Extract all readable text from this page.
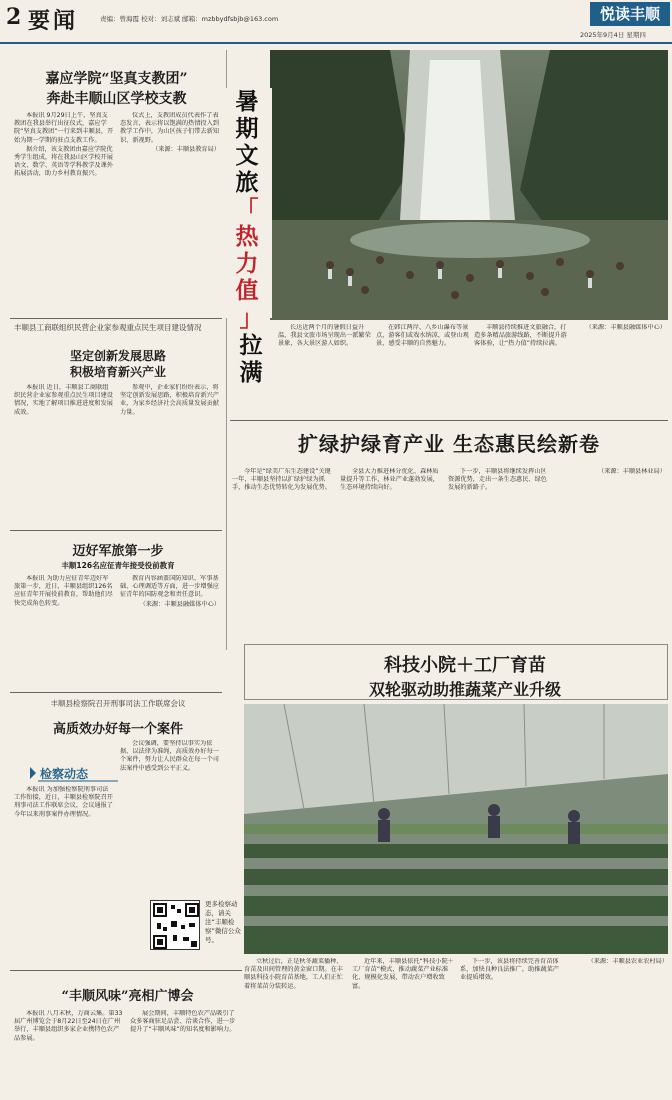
2 要闻	责编：曾海霞 校对：刘志斌 邮箱：mzbbydfsbjb@163.com	悦读丰顺
2025年9月4日 星期四
嘉应学院“坚真支教团”
奔赴丰顺山区学校支教

本报讯 9月29日上午，坚真支教团在我县举行出征仪式，嘉应学院“坚真支教团”一行来到丰顺县，开始为期一学期的驻点支教工作。

据介绍，该支教团由嘉应学院优秀学生组成，将在我县山区学校开展语文、数学、英语等学科教学及课外拓展活动，助力乡村教育振兴。

仪式上，支教团成员代表作了表态发言，表示将以饱满的热情投入到教学工作中，为山区孩子们带去新知识、新视野。

（来源：丰顺县教育局）

丰顺县工商联组织民营企业家参观重点民生项目建设情况
坚定创新发展思路
积极培育新兴产业

本报讯 近日，丰顺县工商联组织民营企业家参观重点民生项目建设情况，实地了解项目推进进度和发展成效。

参观中，企业家们纷纷表示，将坚定创新发展思路，积极培育新兴产业，为家乡经济社会高质量发展贡献力量。

迈好军旅第一步
丰顺126名应征青年接受役前教育

本报讯 为助力应征青年迈好军旅第一步，近日，丰顺县组织126名应征青年开展役前教育，帮助他们尽快完成角色转变。

教育内容涵盖国防知识、军事基础、心理调适等方面，进一步增强应征青年的国防观念和责任意识。

（来源：丰顺县融媒体中心）

丰顺县检察院召开刑事司法工作联席会议
高质效办好每一个案件
检察动态

本报讯 为加强检察院刑事司法工作衔接，近日，丰顺县检察院召开刑事司法工作联席会议，会议通报了今年以来刑事案件办理情况。

会议强调，要坚持以事实为依据、以法律为准绳，高质效办好每一个案件，努力让人民群众在每一个司法案件中感受到公平正义。

更多检察动态，请关注“丰顺检察”微信公众号。
“丰顺风味”亮相广博会

本报讯 八月末秋，万商云集。第33届广州博览会于8月22日至24日在广州举行，丰顺县组织多家企业携特色农产品参展。

展会期间，丰顺特色农产品吸引了众多客商驻足品尝、洽谈合作，进一步提升了“丰顺风味”的知名度和影响力。

暑
期
文
旅
「
热
力
值
」
拉
满

长达近两个月的暑假日益升温，我县文旅市场呈现出一派繁荣景象，各大景区游人如织。

在韩江两岸、八乡山瀑布等景点，游客们或戏水纳凉，或登山观景，感受丰顺的自然魅力。

丰顺县持续推进文旅融合，打造多条精品旅游线路，不断提升游客体验，让“热力值”持续拉满。

（来源：丰顺县融媒体中心）

扩绿护绿育产业 生态惠民绘新卷

今年是“绿美广东生态建设”关键一年，丰顺县坚持以扩绿护绿为抓手，推动生态优势转化为发展优势。

全县大力推进林分优化、森林质量提升等工作，林业产业蓬勃发展，生态环境持续向好。

下一步，丰顺县将继续发挥山区资源优势，走出一条生态惠民、绿色发展的新路子。

（来源：丰顺县林业局）

科技小院＋工厂育苗
双轮驱动助推蔬菜产业升级

立秋过后，正是秋冬蔬菜播种、育苗及田间管理的黄金窗口期。在丰顺县科技小院育苗基地，工人们正忙着将菜苗分装转运。

近年来，丰顺县依托“科技小院＋工厂育苗”模式，推动蔬菜产业标准化、规模化发展，带动农户增收致富。

下一步，该县将持续完善育苗体系，加快良种良法推广，助推蔬菜产业提质增效。

（来源：丰顺县农业农村局）
